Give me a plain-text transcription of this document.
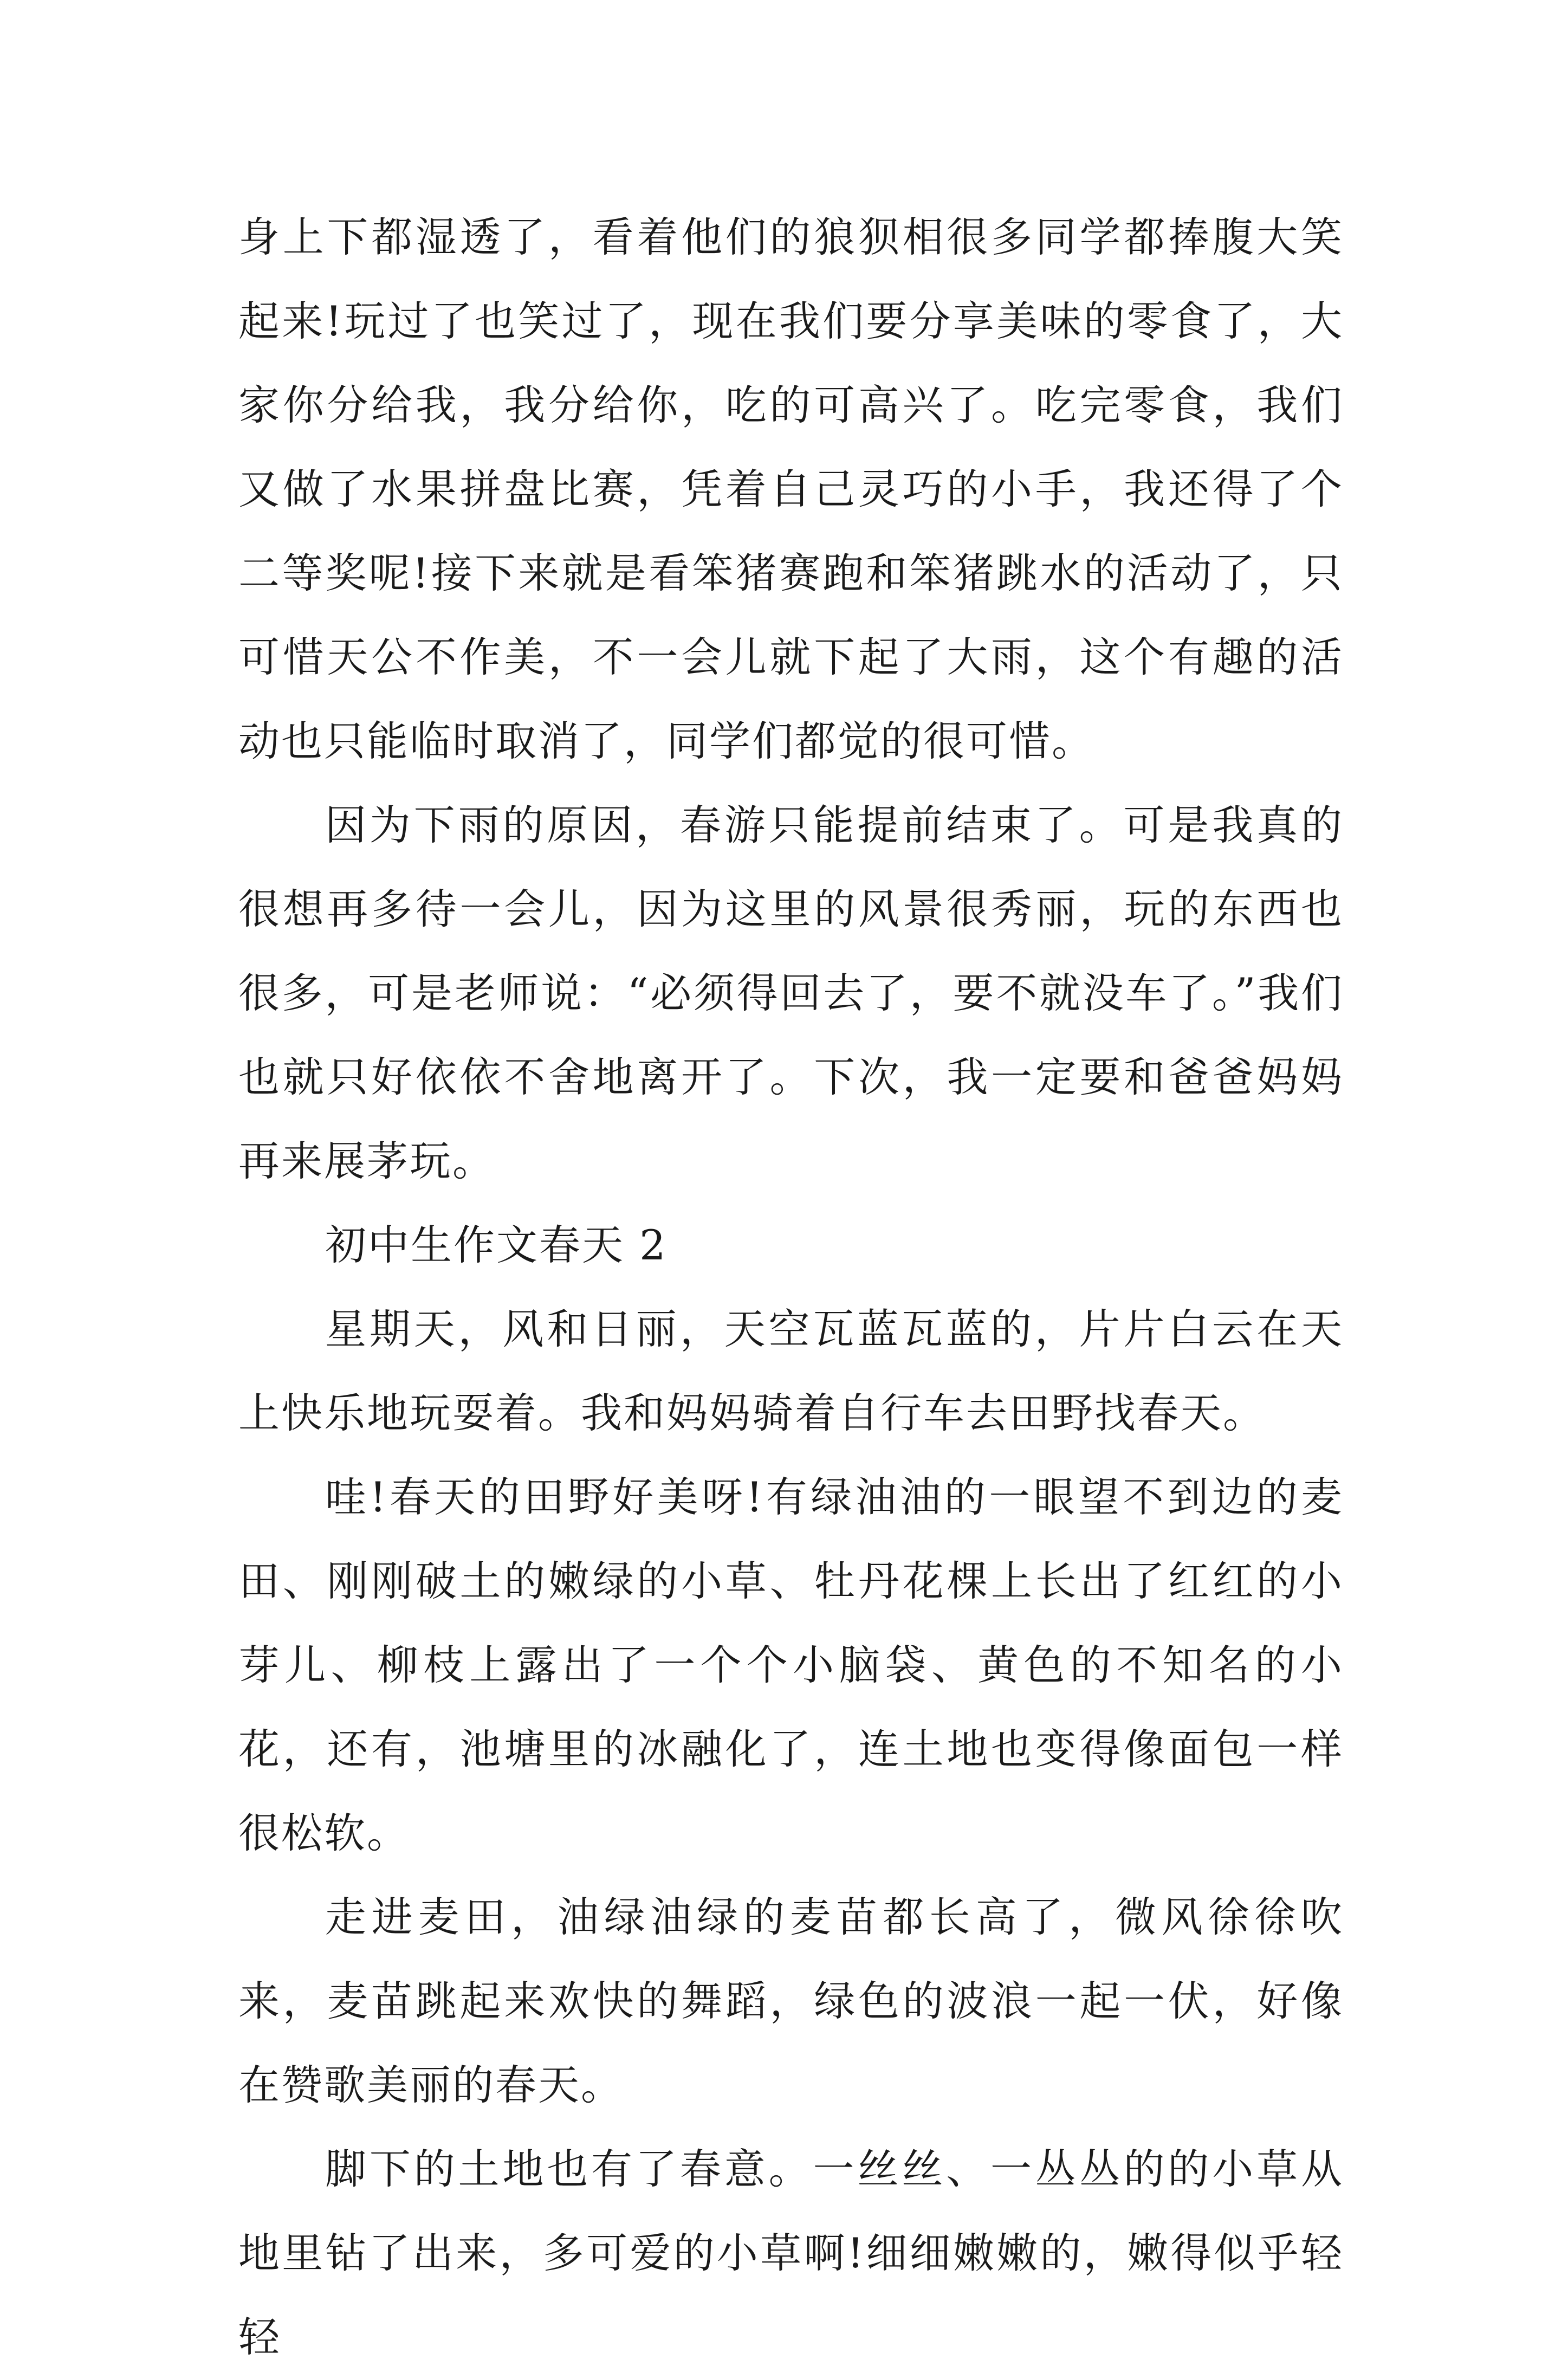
身上下都湿透了，看着他们的狼狈相很多同学都捧腹大笑起来!玩过了也笑过了，现在我们要分享美味的零食了，大家你分给我，我分给你，吃的可高兴了。吃完零食，我们又做了水果拼盘比赛，凭着自己灵巧的小手，我还得了个二等奖呢!接下来就是看笨猪赛跑和笨猪跳水的活动了，只可惜天公不作美，不一会儿就下起了大雨，这个有趣的活动也只能临时取消了，同学们都觉的很可惜。

因为下雨的原因，春游只能提前结束了。可是我真的很想再多待一会儿，因为这里的风景很秀丽，玩的东西也很多，可是老师说：“必须得回去了，要不就没车了。”我们也就只好依依不舍地离开了。下次，我一定要和爸爸妈妈再来展茅玩。

初中生作文春天 2

星期天，风和日丽，天空瓦蓝瓦蓝的，片片白云在天上快乐地玩耍着。我和妈妈骑着自行车去田野找春天。

哇!春天的田野好美呀!有绿油油的一眼望不到边的麦田、刚刚破土的嫩绿的小草、牡丹花棵上长出了红红的小芽儿、柳枝上露出了一个个小脑袋、黄色的不知名的小花，还有，池塘里的冰融化了，连土地也变得像面包一样很松软。

走进麦田，油绿油绿的麦苗都长高了，微风徐徐吹来，麦苗跳起来欢快的舞蹈，绿色的波浪一起一伏，好像在赞歌美丽的春天。

脚下的土地也有了春意。一丝丝、一丛丛的的小草从地里钻了出来，多可爱的小草啊!细细嫩嫩的，嫩得似乎轻轻
